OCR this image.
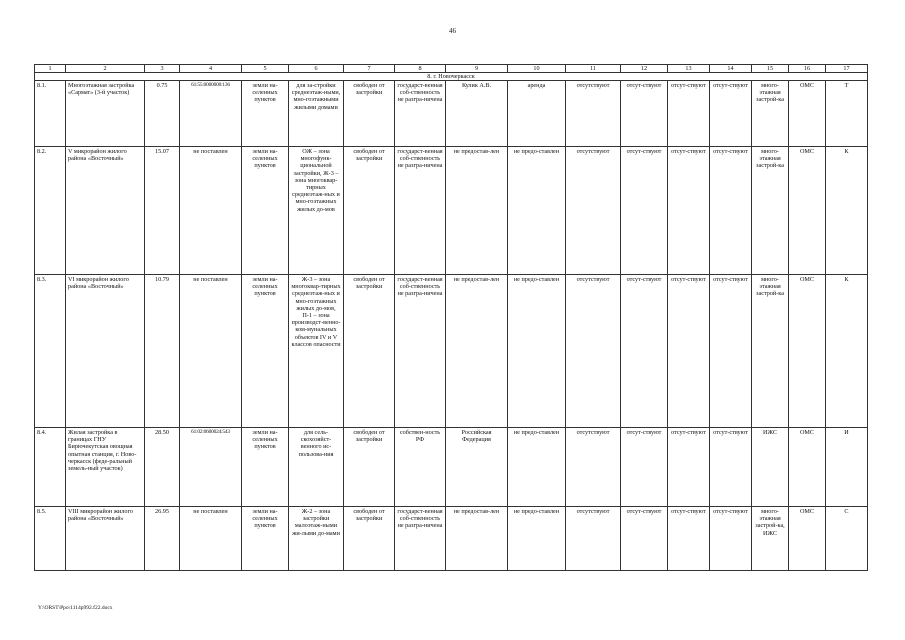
46
1	2	3	4	5	6	7	8	9	10	11	12	13	14	15	16	17
8. г. Новочеркасск																
8.1.	Многоэтажная застройка «Сармат» (3-й участок)	0.75	61:55:0000000:136	земли на-селенных пунктов	для за-стройки среднеэтаж-ными, мно-гоэтажными жилыми домами	свободен от застройки	государст-венная соб-ственность не разгра-ничена	Кулик А.В.	аренда	отсутствуют	отсут-ствуют	отсут-ствуют	отсут-ствуют	много-этажная застрой-ка	ОМС	Т
8.2.	V микрорайон жилого района «Восточный»	15.07	не поставлен	земли на-селенных пунктов	ОЖ – зона многофунк-циональной застройки, Ж-3 – зона многоквар-тирных среднеэтаж-ных и мно-гоэтажных жилых до-мов	свободен от застройки	государст-венная соб-ственность не разгра-ничена	не предостав-лен	не предо-ставлен	отсутствуют	отсут-ствуют	отсут-ствуют	отсут-ствуют	много-этажная застрой-ка	ОМС	К
8.3.	VI микрорайон жилого района «Восточный»	10.79	не поставлен	земли на-селенных пунктов	Ж-3 – зона многоквар-тирных среднеэтаж-ных и мно-гоэтажных жилых до-мов, П-1 – зона производст-венно-ком-мунальных объектов IV и V классов опасности	свободен от застройки	государст-венная соб-ственность не разгра-ничена	не предостав-лен	не предо-ставлен	отсутствуют	отсут-ствуют	отсут-ствуют	отсут-ствуют	много-этажная застрой-ка	ОМС	К
8.4.	Жилая застройка в границах ГНУ Бирючекутская овощная опытная станция, г. Ново-черкасск (феде-ральный земель-ный участок)	28.50	61:02:0600024:543	земли на-селенных пунктов	для сель-скохозяйст-венного ис-пользова-ния	свободен от застройки	собствен-ность РФ	Российская Федерация	не предо-ставлен	отсутствуют	отсут-ствуют	отсут-ствуют	отсут-ствуют	ИЖС	ОМС	И
8.5.	VIII микрорайон жилого района «Восточный»	26.95	не поставлен	земли на-селенных пунктов	Ж-2 – зона застройки малоэтаж-ными жи-лыми до-мами	свободен от застройки	государст-венная соб-ственность не разгра-ничена	не предостав-лен	не предо-ставлен	отсутствуют	отсут-ствуют	отсут-ствуют	отсут-ствуют	много-этажная застрой-ка, ИЖС	ОМС	С
Y:\ORST\Ppo\1114p992.f22.docx
